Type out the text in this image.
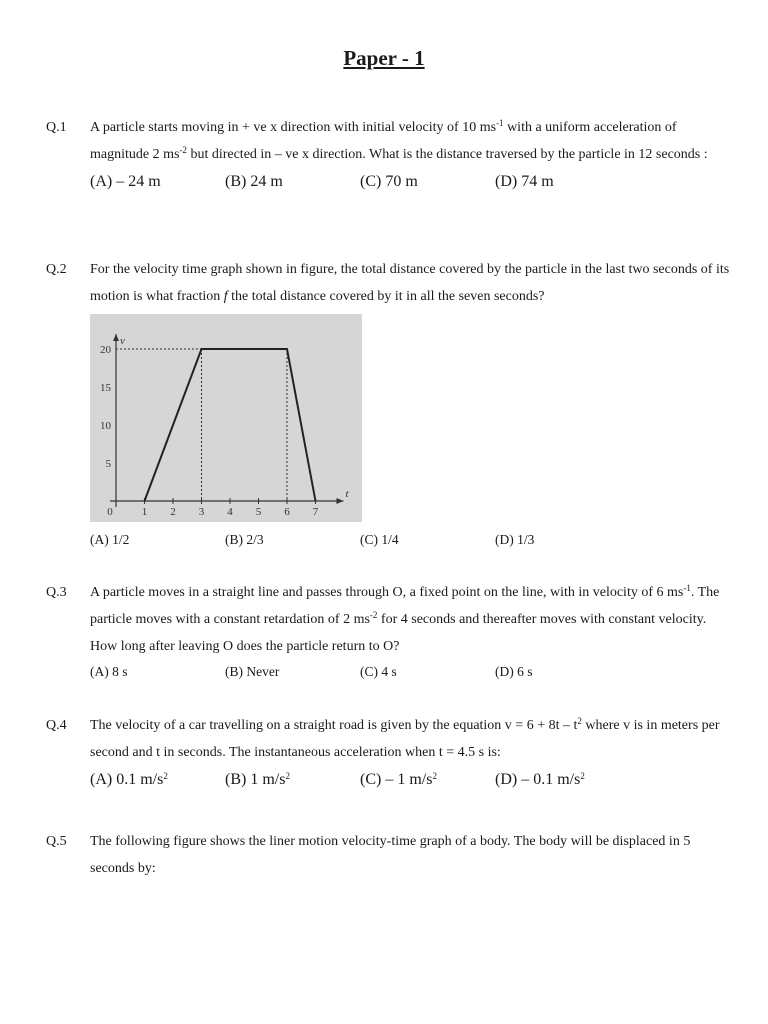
Paper - 1
Q.1 A particle starts moving in + ve x direction with initial velocity of 10 $ms^{-1}$ with a uniform acceleration of magnitude 2 $ms^{-2}$ but directed in – ve x direction. What is the distance traversed by the particle in 12 seconds :
(A) – 24 m	(B) 24 m	(C) 70 m	(D) 74 m
Q.2 For the velocity time graph shown in figure, the total distance covered by the particle in the last two seconds of its motion is what fraction f the total distance covered by it in all the seven seconds?
v
t
5
10
15
20
0	1 2 3 4 5 6 7
(A) 1/2	(B) 2/3	(C) 1/4	(D) 1/3
Q.3 A particle moves in a straight line and passes through O, a fixed point on the line, with in velocity of 6 $ms^{-1}$. The particle moves with a constant retardation of 2 $ms^{-2}$ for 4 seconds and thereafter moves with constant velocity. How long after leaving O does the particle return to O?
(A) 8 s	(B) Never	(C) 4 s	(D) 6 s
Q.4 The velocity of a car travelling on a straight road is given by the equation $v = 6 + 8t - t^2$ where v is in meters per second and t in seconds. The instantaneous acceleration when t = 4.5 s is:
(A) 0.1 $m/s^2$	(B) 1 $m/s^2$	(C) – 1 $m/s^2$	(D) – 0.1 $m/s^2$
Q.5 The following figure shows the liner motion velocity-time graph of a body. The body will be displaced in 5 seconds by:
